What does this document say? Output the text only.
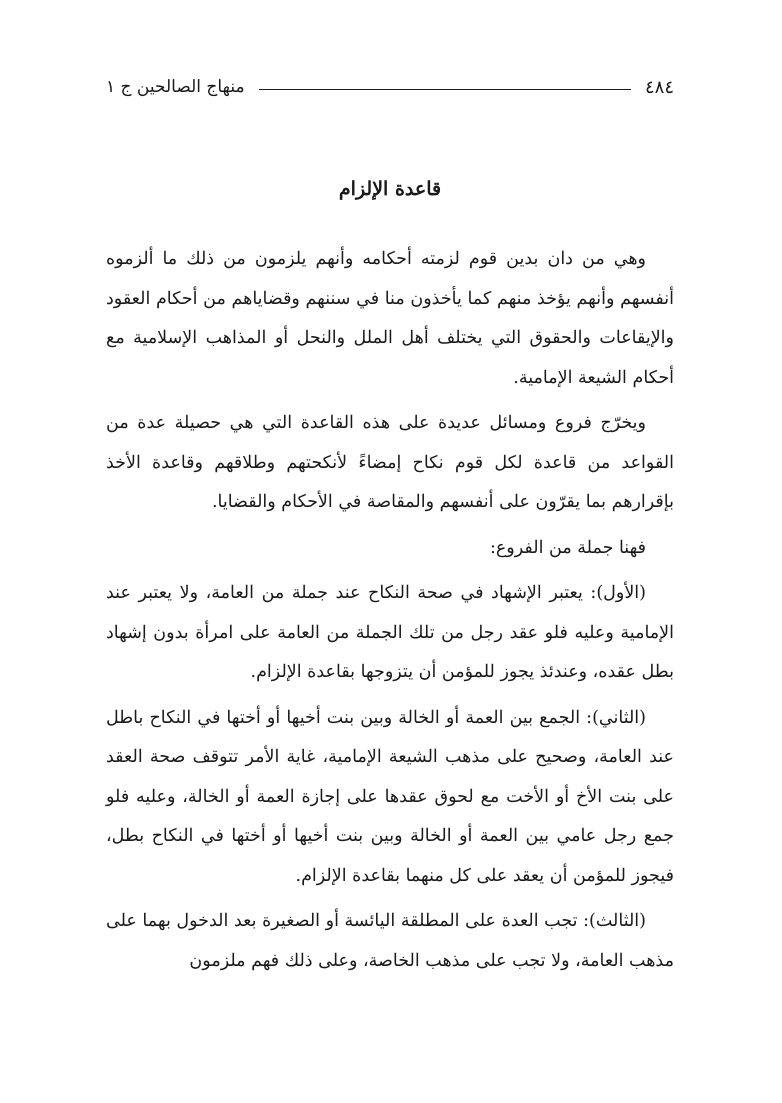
٤٨٤
منهاج الصالحين ج ١
قاعدة الإلزام

وهي من دان بدين قوم لزمته أحكامه وأنهم يلزمون من ذلك ما ألزموه أنفسهم وأنهم يؤخذ منهم كما يأخذون منا في سننهم وقضاياهم من أحكام العقود والإيقاعات والحقوق التي يختلف أهل الملل والنحل أو المذاهب الإسلامية مع أحكام الشيعة الإمامية.

ويخرّج فروع ومسائل عديدة على هذه القاعدة التي هي حصيلة عدة من القواعد من قاعدة لكل قوم نكاح إمضاءً لأنكحتهم وطلاقهم وقاعدة الأخذ بإقرارهم بما يقرّون على أنفسهم والمقاصة في الأحكام والقضايا.

فهنا جملة من الفروع:

(الأول): يعتبر الإشهاد في صحة النكاح عند جملة من العامة، ولا يعتبر عند الإمامية وعليه فلو عقد رجل من تلك الجملة من العامة على امرأة بدون إشهاد بطل عقده، وعندئذ يجوز للمؤمن أن يتزوجها بقاعدة الإلزام.

(الثاني): الجمع بين العمة أو الخالة وبين بنت أخيها أو أختها في النكاح باطل عند العامة، وصحيح على مذهب الشيعة الإمامية، غاية الأمر تتوقف صحة العقد على بنت الأخ أو الأخت مع لحوق عقدها على إجازة العمة أو الخالة، وعليه فلو جمع رجل عامي بين العمة أو الخالة وبين بنت أخيها أو أختها في النكاح بطل، فيجوز للمؤمن أن يعقد على كل منهما بقاعدة الإلزام.

(الثالث): تجب العدة على المطلقة اليائسة أو الصغيرة بعد الدخول بهما على مذهب العامة، ولا تجب على مذهب الخاصة، وعلى ذلك فهم ملزمون
